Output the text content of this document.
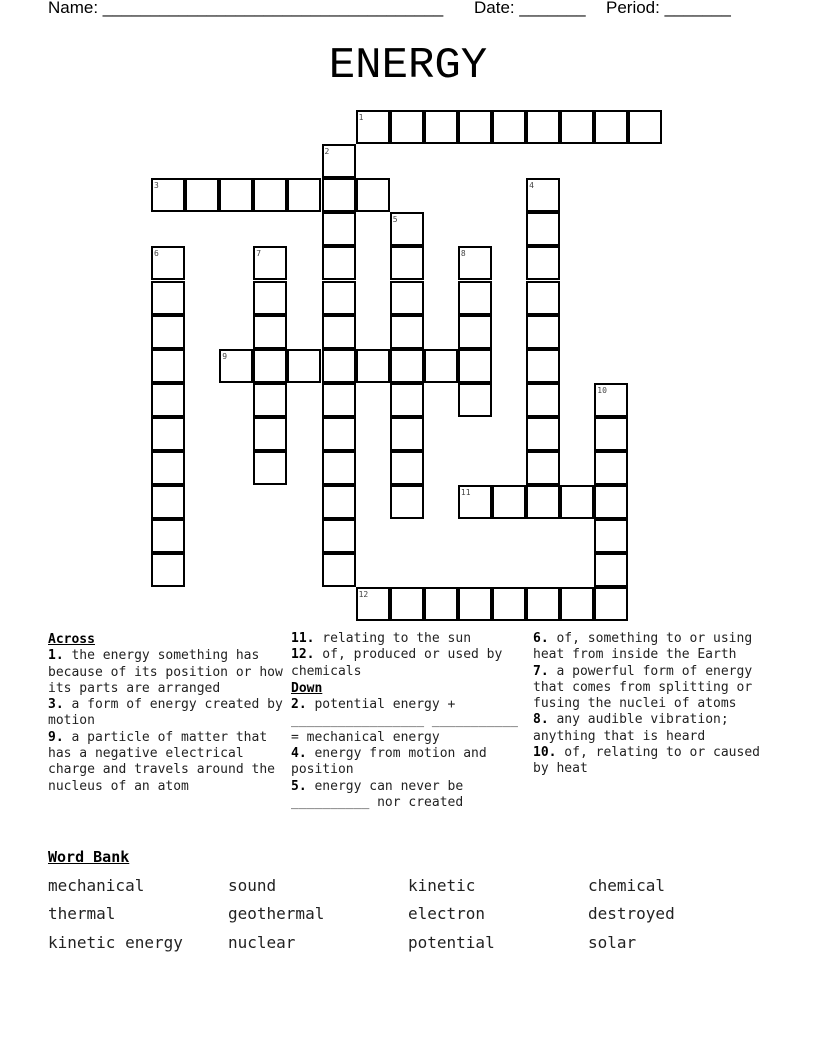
Name: ____________________________________ Date: _______ Period: _______
ENERGY
1
2
3	4
5
6	7	8
9
10
11
12
Across

1. the energy something has because of its position or how its parts are arranged

3. a form of energy created by motion

9. a particle of matter that has a negative electrical charge and travels around the nucleus of an atom

11. relating to the sun

12. of, produced or used by chemicals

Down

2. potential energy + _________________ ___________ = mechanical energy

4. energy from motion and position

5. energy can never be __________ nor created

6. of, something to or using heat from inside the Earth

7. a powerful form of energy that comes from splitting or fusing the nuclei of atoms

8. any audible vibration; anything that is heard

10. of, relating to or caused by heat

Word Bank
mechanical	sound	kinetic	chemical
thermal	geothermal	electron	destroyed
kinetic energy	nuclear	potential	solar
